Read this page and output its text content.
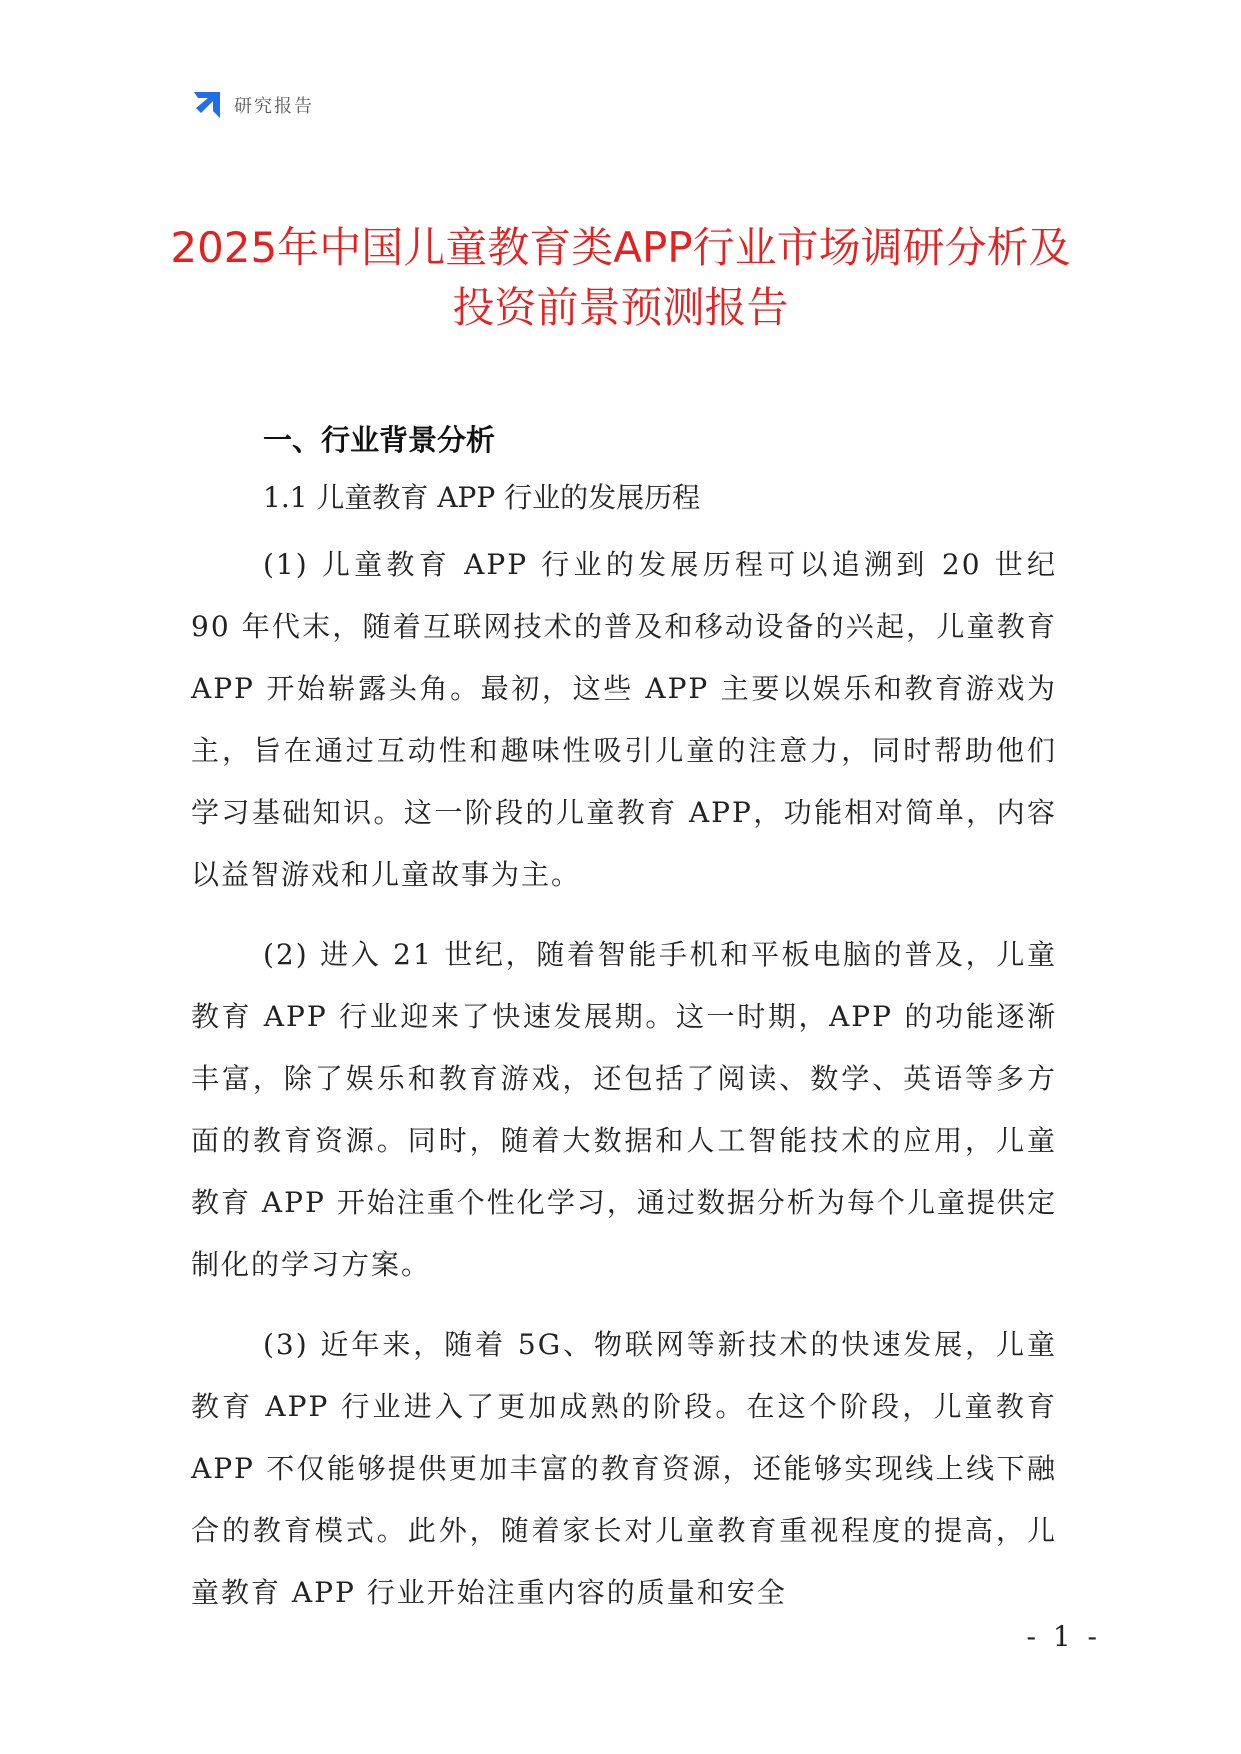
研究报告
2025年中国儿童教育类APP行业市场调研分析及投资前景预测报告
一、行业背景分析
1.1 儿童教育 APP 行业的发展历程

(1) 儿童教育 APP 行业的发展历程可以追溯到 20 世纪 90 年代末，随着互联网技术的普及和移动设备的兴起，儿童教育 APP 开始崭露头角。最初，这些 APP 主要以娱乐和教育游戏为主，旨在通过互动性和趣味性吸引儿童的注意力，同时帮助他们学习基础知识。这一阶段的儿童教育 APP，功能相对简单，内容以益智游戏和儿童故事为主。

(2) 进入 21 世纪，随着智能手机和平板电脑的普及，儿童教育 APP 行业迎来了快速发展期。这一时期，APP 的功能逐渐丰富，除了娱乐和教育游戏，还包括了阅读、数学、英语等多方面的教育资源。同时，随着大数据和人工智能技术的应用，儿童教育 APP 开始注重个性化学习，通过数据分析为每个儿童提供定制化的学习方案。

(3) 近年来，随着 5G、物联网等新技术的快速发展，儿童教育 APP 行业进入了更加成熟的阶段。在这个阶段，儿童教育 APP 不仅能够提供更加丰富的教育资源，还能够实现线上线下融合的教育模式。此外，随着家长对儿童教育重视程度的提高，儿童教育 APP 行业开始注重内容的质量和安全

- 1 -
